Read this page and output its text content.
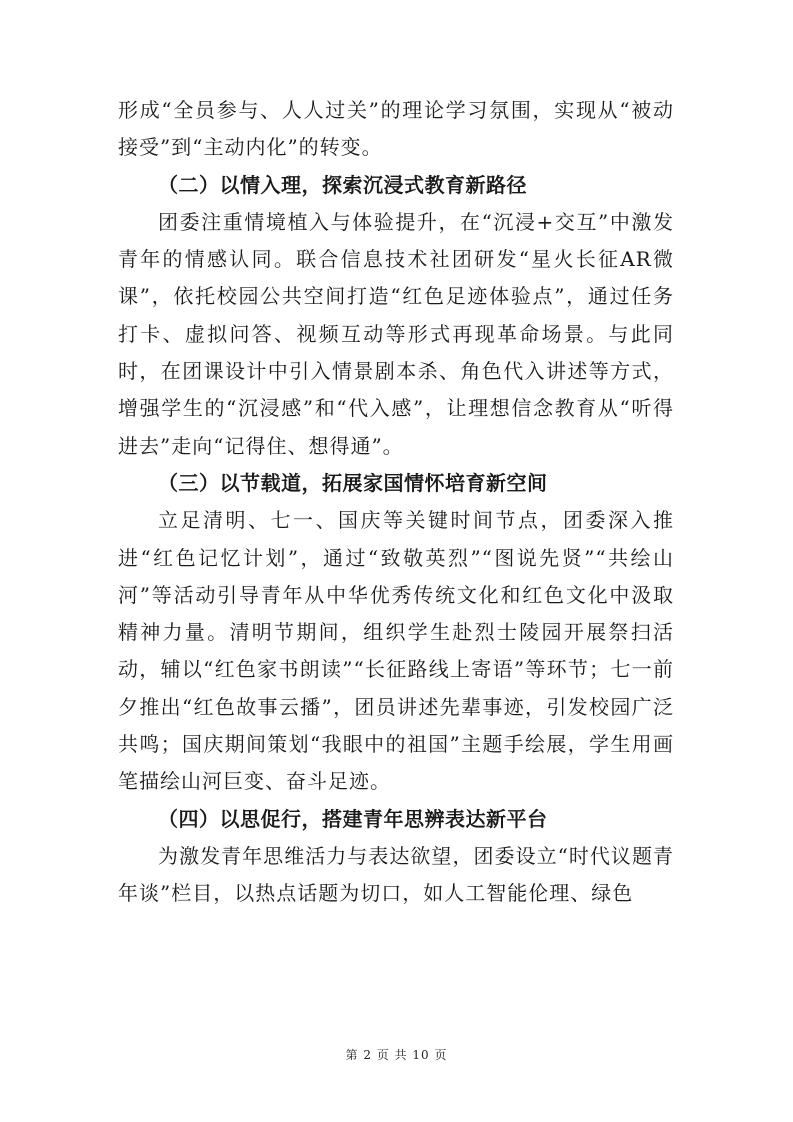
形成“全员参与、人人过关”的理论学习氛围，实现从“被动接受”到“主动内化”的转变。

（二）以情入理，探索沉浸式教育新路径

团委注重情境植入与体验提升，在“沉浸+交互”中激发青年的情感认同。联合信息技术社团研发“星火长征AR微课”，依托校园公共空间打造“红色足迹体验点”，通过任务打卡、虚拟问答、视频互动等形式再现革命场景。与此同时，在团课设计中引入情景剧本杀、角色代入讲述等方式，增强学生的“沉浸感”和“代入感”，让理想信念教育从“听得进去”走向“记得住、想得通”。

（三）以节载道，拓展家国情怀培育新空间

立足清明、七一、国庆等关键时间节点，团委深入推进“红色记忆计划”，通过“致敬英烈”“图说先贤”“共绘山河”等活动引导青年从中华优秀传统文化和红色文化中汲取精神力量。清明节期间，组织学生赴烈士陵园开展祭扫活动，辅以“红色家书朗读”“长征路线上寄语”等环节；七一前夕推出“红色故事云播”，团员讲述先辈事迹，引发校园广泛共鸣；国庆期间策划“我眼中的祖国”主题手绘展，学生用画笔描绘山河巨变、奋斗足迹。

（四）以思促行，搭建青年思辨表达新平台

为激发青年思维活力与表达欲望，团委设立“时代议题青年谈”栏目，以热点话题为切口，如人工智能伦理、绿色

第 2 页 共 10 页
